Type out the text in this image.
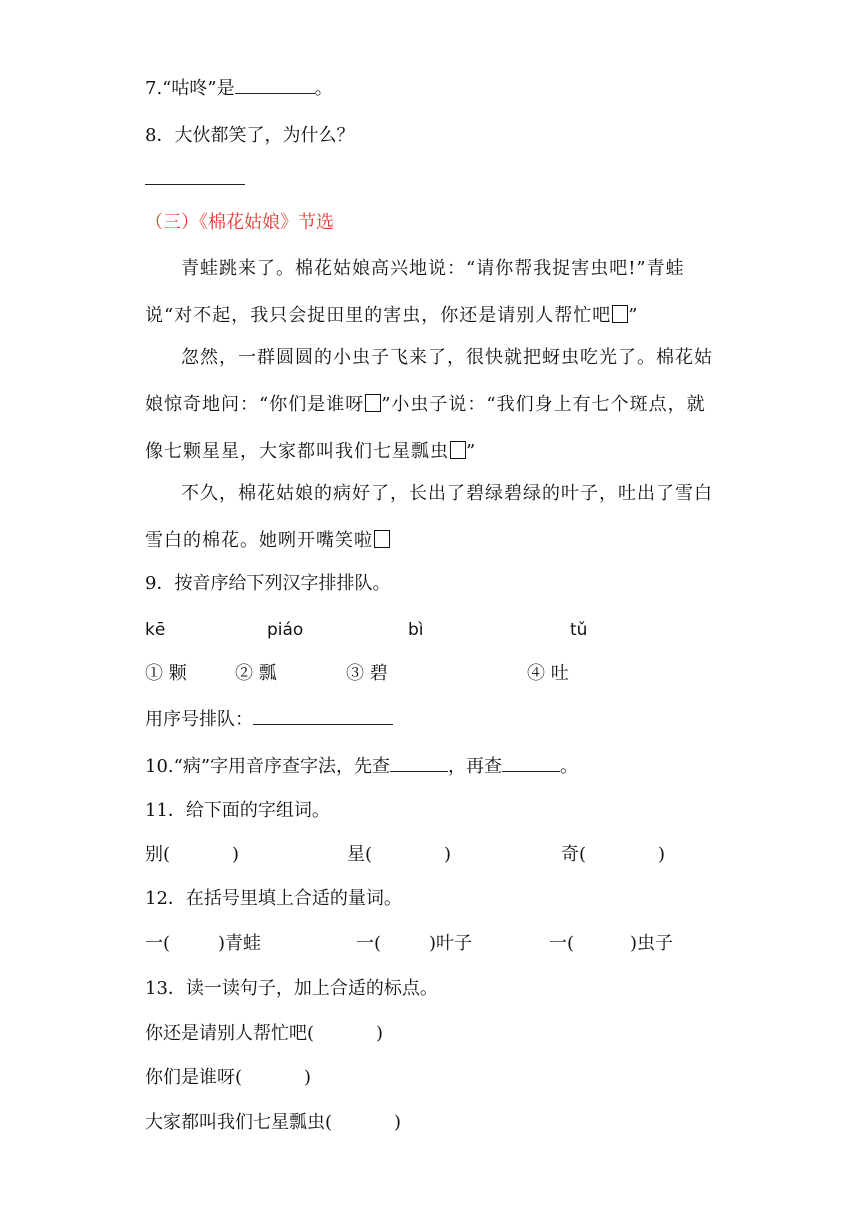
7.“咕咚”是	。
8．大伙都笑了，为什么？
（三）《棉花姑娘》节选
青蛙跳来了。棉花姑娘高兴地说：“请你帮我捉害虫吧!”青蛙说“对不起，我只会捉田里的害虫，你还是请别人帮忙吧 ”
忽然，一群圆圆的小虫子飞来了，很快就把蚜虫吃光了。棉花姑娘惊奇地问：“你们是谁呀 ”小虫子说：“我们身上有七个斑点，就像七颗星星，大家都叫我们七星瓢虫 ”
不久，棉花姑娘的病好了，长出了碧绿碧绿的叶子，吐出了雪白雪白的棉花。她咧开嘴笑啦
9．按音序给下列汉字排排队。
kē	piáo	bì	tǔ
① 颗	② 瓢	③ 碧	④ 吐
用序号排队：
10.“病”字用音序查字法，先查	，再查	。
11．给下面的字组词。
别(	)	星(	)	奇(	)
12．在括号里填上合适的量词。
一(	)青蛙	一(	)叶子	一(	)虫子
13．读一读句子，加上合适的标点。
你还是请别人帮忙吧(	)
你们是谁呀(	)
大家都叫我们七星瓢虫(	)
